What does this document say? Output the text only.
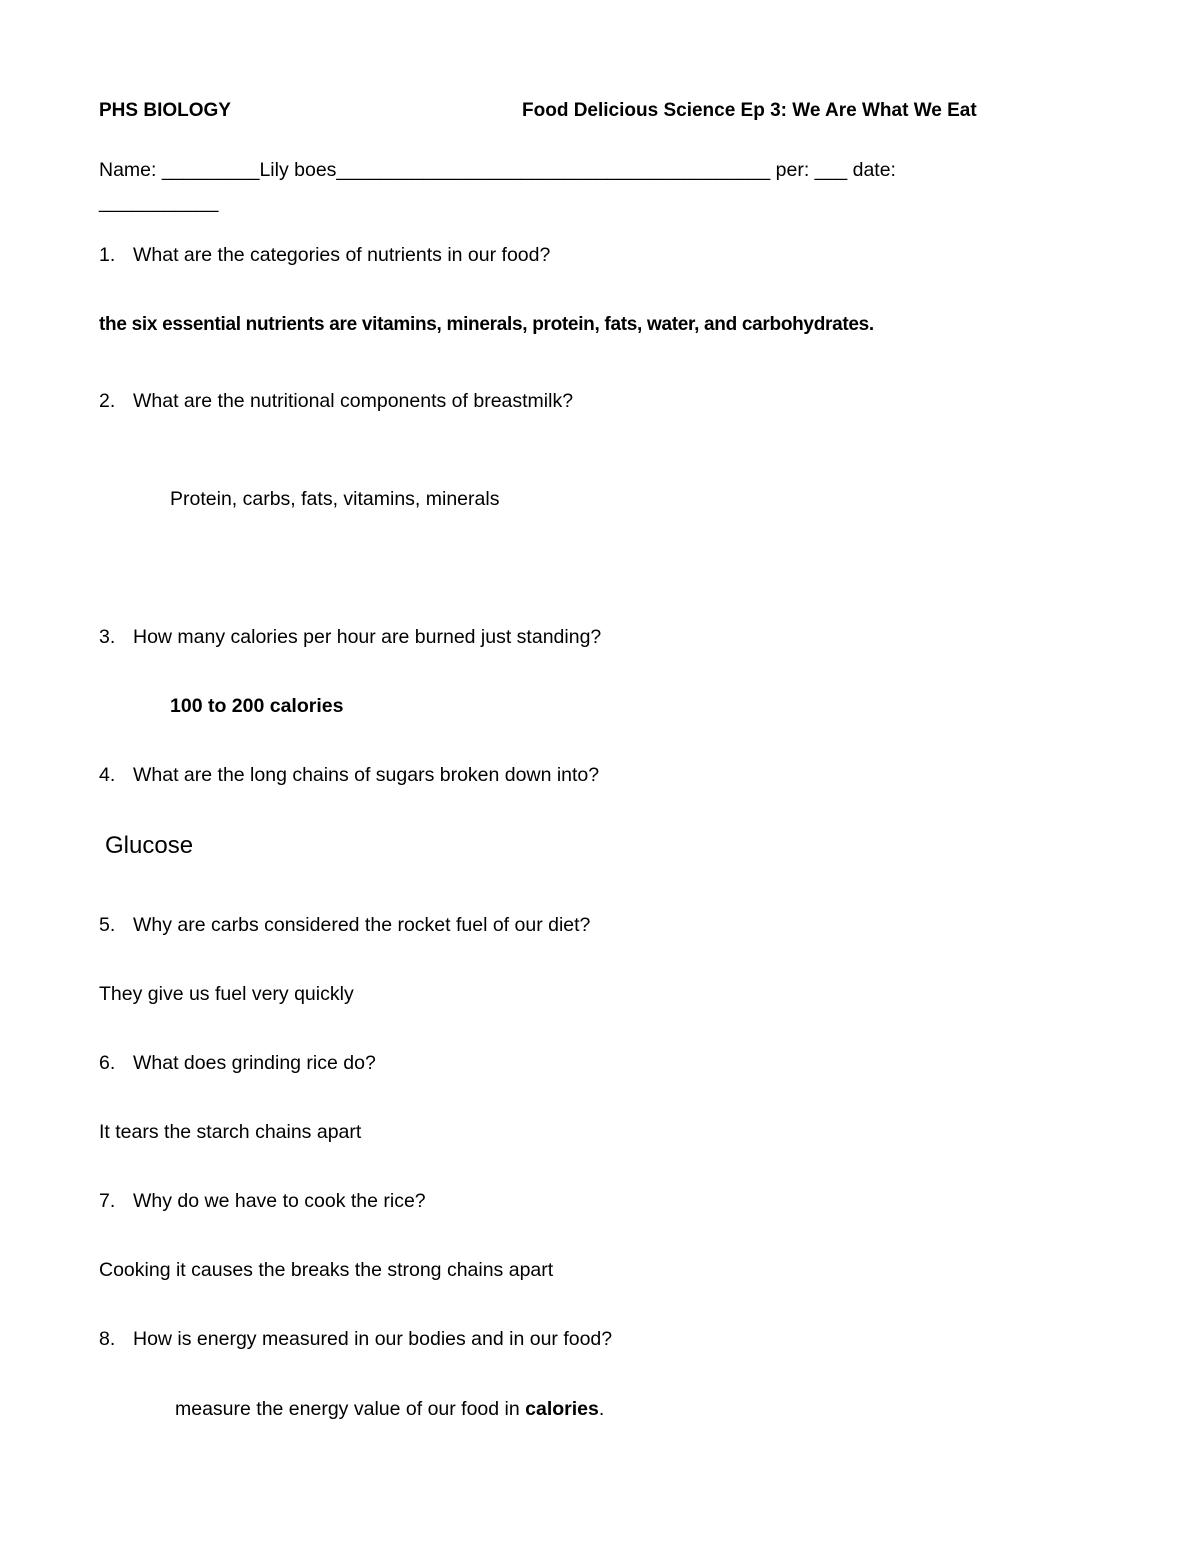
PHS BIOLOGY	Food Delicious Science Ep 3: We Are What We Eat
Name: _________Lily boes________________________________________ per: ___ date:
___________
1. What are the categories of nutrients in our food?
the six essential nutrients are vitamins, minerals, protein, fats, water, and carbohydrates.
2. What are the nutritional components of breastmilk?
Protein, carbs, fats, vitamins, minerals
3. How many calories per hour are burned just standing?
100 to 200 calories
4. What are the long chains of sugars broken down into?
Glucose
5. Why are carbs considered the rocket fuel of our diet?
They give us fuel very quickly
6. What does grinding rice do?
It tears the starch chains apart
7. Why do we have to cook the rice?
Cooking it causes the breaks the strong chains apart
8. How is energy measured in our bodies and in our food?
measure the energy value of our food in calories.
